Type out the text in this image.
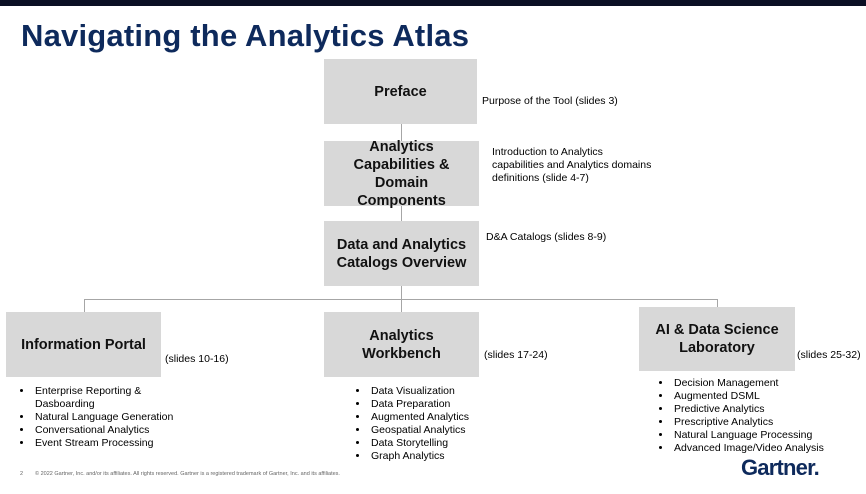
Navigating the Analytics Atlas
Preface
Analytics Capabilities & Domain Components
Data and Analytics Catalogs Overview
Information Portal
Analytics Workbench
AI & Data Science Laboratory
Purpose of the Tool (slides 3)
Introduction to Analytics capabilities and Analytics domains definitions (slide 4-7)
D&A Catalogs (slides 8-9)
(slides 10-16)	(slides 17-24)	(slides 25-32)
• Enterprise Reporting & Dasboarding
• Natural Language Generation
• Conversational Analytics
• Event Stream Processing
• Data Visualization
• Data Preparation
• Augmented Analytics
• Geospatial Analytics
• Data Storytelling
• Graph Analytics
• Decision Management
• Augmented DSML
• Predictive Analytics
• Prescriptive Analytics
• Natural Language Processing
• Advanced Image/Video Analysis
2 © 2022 Gartner, Inc. and/or its affiliates. All rights reserved. Gartner is a registered trademark of Gartner, Inc. and its affiliates.	Gartner.
